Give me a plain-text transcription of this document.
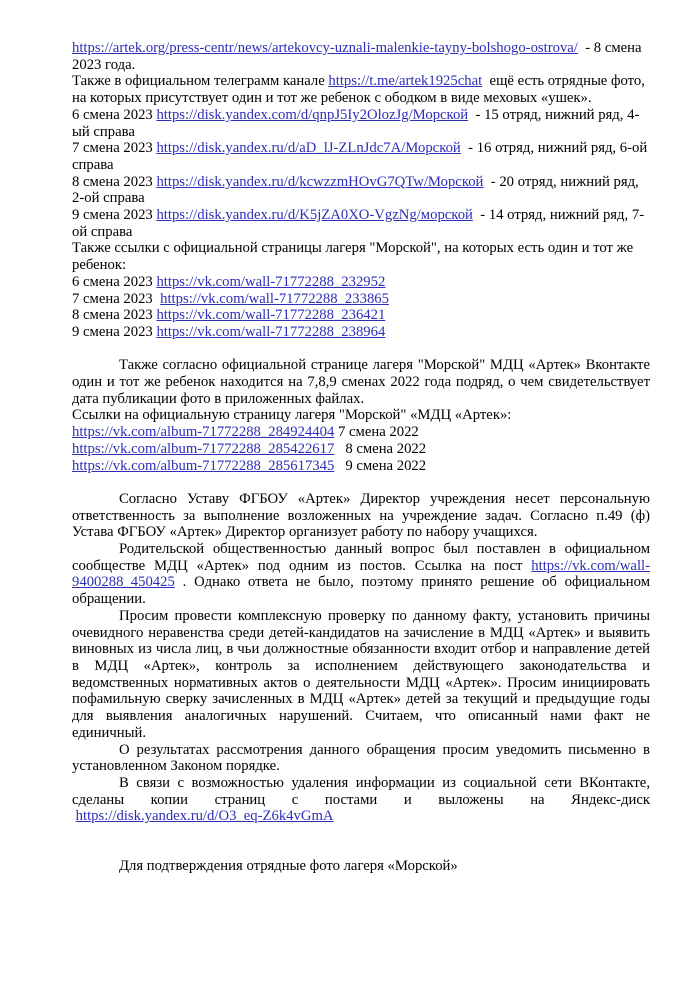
https://artek.org/press-centr/news/artekovcy-uznali-malenkie-tayny-bolshogo-ostrova/  - 8 смена 2023 года.

Также в официальном телеграмм канале https://t.me/artek1925chat  ещё есть отрядные фото, на которых присутствует один и тот же ребенок с ободком в виде меховых «ушек».

6 смена 2023 https://disk.yandex.com/d/qnpJ5Iy2OlozJg/Морской  - 15 отряд, нижний ряд, 4-ый справа

7 смена 2023 https://disk.yandex.ru/d/aD_lJ-ZLnJdc7A/Морской  - 16 отряд, нижний ряд, 6-ой справа

8 смена 2023 https://disk.yandex.ru/d/kcwzzmHOvG7QTw/Морской  - 20 отряд, нижний ряд, 2-ой справа

9 смена 2023 https://disk.yandex.ru/d/K5jZA0XO-VgzNg/морской  - 14 отряд, нижний ряд, 7-ой справа

Также ссылки с официальной страницы лагеря "Морской", на которых есть один и тот же ребенок:

6 смена 2023 https://vk.com/wall-71772288_232952

7 смена 2023  https://vk.com/wall-71772288_233865

8 смена 2023 https://vk.com/wall-71772288_236421

9 смена 2023 https://vk.com/wall-71772288_238964

Также согласно официальной странице лагеря "Морской" МДЦ «Артек» Вконтакте один и тот же ребенок находится на 7,8,9 сменах 2022 года подряд, о чем свидетельствует дата публикации фото в приложенных файлах.

Ссылки на официальную страницу лагеря "Морской" «МДЦ «Артек»:

https://vk.com/album-71772288_284924404 7 смена 2022

https://vk.com/album-71772288_285422617   8 смена 2022

https://vk.com/album-71772288_285617345   9 смена 2022

Согласно Уставу ФГБОУ «Артек» Директор учреждения несет персональную ответственность за выполнение возложенных на учреждение задач. Согласно п.49 (ф) Устава ФГБОУ «Артек» Директор организует работу по набору учащихся.

Родительской общественностью данный вопрос был поставлен в официальном сообществе МДЦ «Артек» под одним из постов. Ссылка на пост https://vk.com/wall-9400288_450425 . Однако ответа не было, поэтому принято решение об официальном обращении.

Просим провести комплексную проверку по данному факту, установить причины очевидного неравенства среди детей-кандидатов на зачисление в МДЦ «Артек» и выявить виновных из числа лиц, в чьи должностные обязанности входит отбор и направление детей в МДЦ «Артек», контроль за исполнением действующего законодательства и ведомственных нормативных актов о деятельности МДЦ «Артек». Просим инициировать пофамильную сверку зачисленных в МДЦ «Артек» детей за текущий и предыдущие годы для выявления аналогичных нарушений. Считаем, что описанный нами факт не единичный.

О результатах рассмотрения данного обращения просим уведомить письменно в установленном Законом порядке.

В связи с возможностью удаления информации из социальной сети ВКонтакте, сделаны копии страниц с постами и выложены на Яндекс-диск  https://disk.yandex.ru/d/O3_eq-Z6k4vGmA

Для подтверждения отрядные фото лагеря «Морской»
